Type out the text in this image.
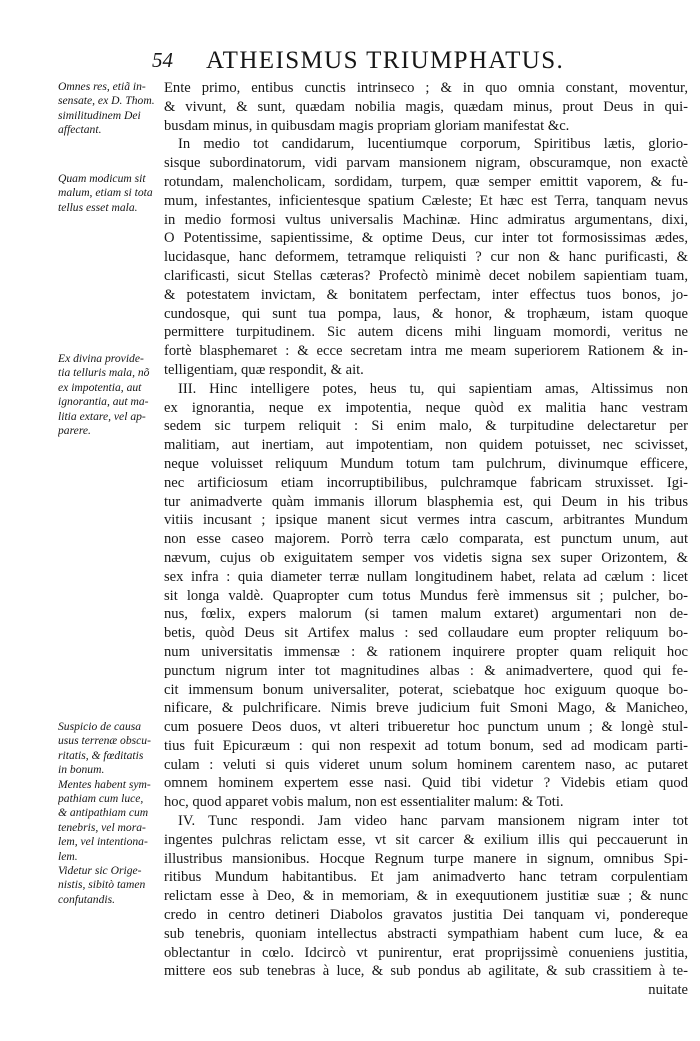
54 ATHEISMUS TRIUMPHATUS.
Omnes res, etiã in-
sensate, ex D. Thom.
similitudinem Dei
affectant.
Quam modicum sit
malum, etiam si tota
tellus esset mala.
Ex divina provide-
tia telluris mala, nõ
ex impotentia, aut
ignorantia, aut ma-
litia extare, vel ap-
parere.
Suspicio de causa
usus terrenæ obscu-
ritatis, & fœditatis
in bonum.
Mentes habent sym-
pathiam cum luce,
& antipathiam cum
tenebris, vel mora-
lem, vel intentiona-
lem.
Videtur sic Orige-
nistis, sibitò tamen
confutandis.
Ente primo, entibus cunctis intrinseco ; & in quo omnia constant, moventur,
& vivunt, & sunt, quædam nobilia magis, quædam minus, prout Deus in qui-
busdam minus, in quibusdam magis propriam gloriam manifestat &c.
In medio tot candidarum, lucentiumque corporum, Spiritibus lætis, glorio-
sisque subordinatorum, vidi parvam mansionem nigram, obscuramque, non exactè
rotundam, malencholicam, sordidam, turpem, quæ semper emittit vaporem, & fu-
mum, infestantes, inficientesque spatium Cæleste; Et hæc est Terra, tanquam nevus
in medio formosi vultus universalis Machinæ. Hinc admiratus argumentans, dixi,
O Potentissime, sapientissime, & optime Deus, cur inter tot formosissimas ædes,
lucidasque, hanc deformem, tetramque reliquisti ? cur non & hanc purificasti, &
clarificasti, sicut Stellas cæteras? Profectò minimè decet nobilem sapientiam tuam,
& potestatem invictam, & bonitatem perfectam, inter effectus tuos bonos, jo-
cundosque, qui sunt tua pompa, laus, & honor, & trophæum, istam quoque
permittere turpitudinem. Sic autem dicens mihi linguam momordi, veritus ne
fortè blasphemaret : & ecce secretam intra me meam superiorem Rationem & in-
telligentiam, quæ respondit, & ait.
III. Hinc intelligere potes, heus tu, qui sapientiam amas, Altissimus non
ex ignorantia, neque ex impotentia, neque quòd ex malitia hanc vestram
sedem sic turpem reliquit : Si enim malo, & turpitudine delectaretur per
malitiam, aut inertiam, aut impotentiam, non quidem potuisset, nec scivisset,
neque voluisset reliquum Mundum totum tam pulchrum, divinumque efficere,
nec artificiosum etiam incorruptibilibus, pulchramque fabricam struxisset. Igi-
tur animadverte quàm immanis illorum blasphemia est, qui Deum in his tribus
vitiis incusant ; ipsique manent sicut vermes intra cascum, arbitrantes Mundum
non esse caseo majorem. Porrò terra cælo comparata, est punctum unum, aut
nævum, cujus ob exiguitatem semper vos videtis signa sex super Orizontem, &
sex infra : quia diameter terræ nullam longitudinem habet, relata ad cælum : licet
sit longa valdè. Quapropter cum totus Mundus ferè immensus sit ; pulcher, bo-
nus, fœlix, expers malorum (si tamen malum extaret) argumentari non de-
betis, quòd Deus sit Artifex malus : sed collaudare eum propter reliquum bo-
num universitatis immensæ : & rationem inquirere propter quam reliquit hoc
punctum nigrum inter tot magnitudines albas : & animadvertere, quod qui fe-
cit immensum bonum universaliter, poterat, sciebatque hoc exiguum quoque bo-
nificare, & pulchrificare. Nimis breve judicium fuit Smoni Mago, & Manicheo,
cum posuere Deos duos, vt alteri tribueretur hoc punctum unum ; & longè stul-
tius fuit Epicuræum : qui non respexit ad totum bonum, sed ad modicam parti-
culam : veluti si quis videret unum solum hominem carentem naso, ac putaret
omnem hominem expertem esse nasi. Quid tibi videtur ? Videbis etiam quod
hoc, quod apparet vobis malum, non est essentialiter malum: & Toti.
IV. Tunc respondi. Jam video hanc parvam mansionem nigram inter tot
ingentes pulchras relictam esse, vt sit carcer & exilium illis qui peccauerunt in
illustribus mansionibus. Hocque Regnum turpe manere in signum, omnibus Spi-
ritibus Mundum habitantibus. Et jam animadverto hanc tetram corpulentiam
relictam esse à Deo, & in memoriam, & in exequutionem justitiæ suæ ; & nunc
credo in centro detineri Diabolos gravatos justitia Dei tanquam vi, pondereque
sub tenebris, quoniam intellectus abstracti sympathiam habent cum luce, & ea
oblectantur in cœlo. Idcircò vt punirentur, erat proprijssimè conueniens justitia,
mittere eos sub tenebras à luce, & sub pondus ab agilitate, & sub crassitiem à te-
nuitate
